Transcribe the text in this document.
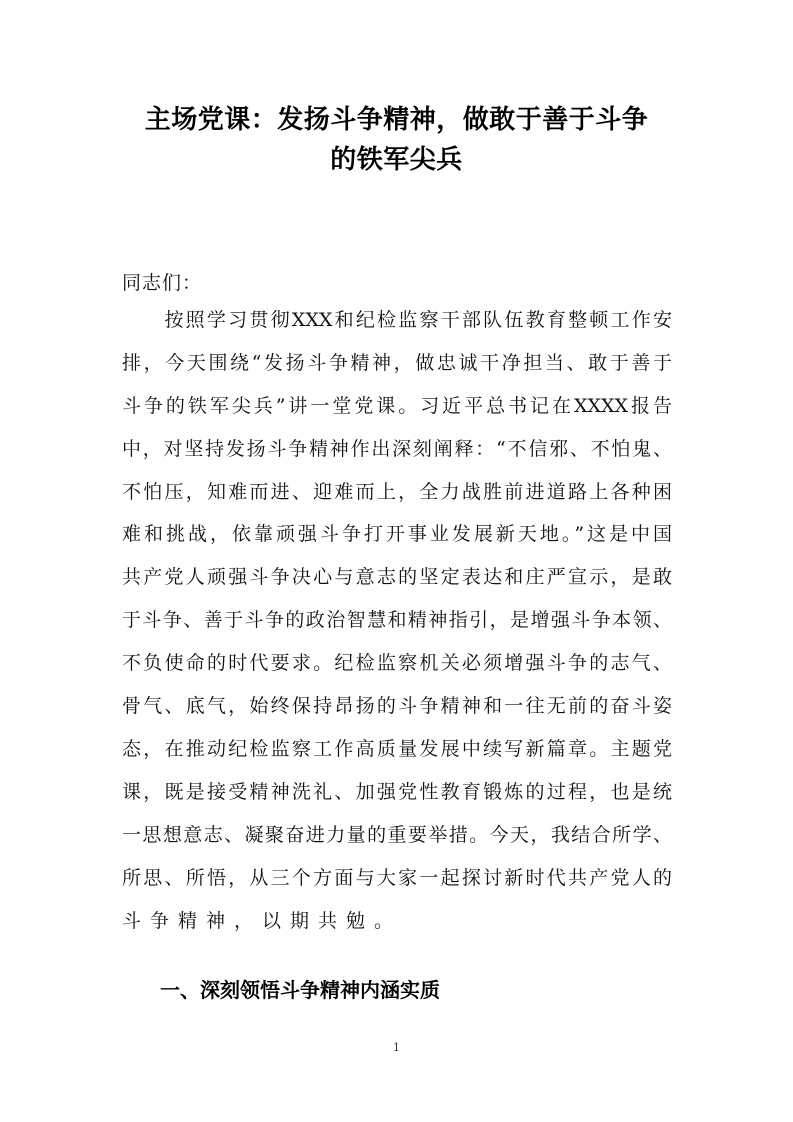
主场党课：发扬斗争精神，做敢于善于斗争
的铁军尖兵
同志们：
　　按照学习贯彻XXX和纪检监察干部队伍教育整顿工作安
排，今天围绕“发扬斗争精神，做忠诚干净担当、敢于善于
斗争的铁军尖兵”讲一堂党课。习近平总书记在XXXX报告
中，对坚持发扬斗争精神作出深刻阐释：“不信邪、不怕鬼、
不怕压，知难而进、迎难而上，全力战胜前进道路上各种困
难和挑战，依靠顽强斗争打开事业发展新天地。”这是中国
共产党人顽强斗争决心与意志的坚定表达和庄严宣示，是敢
于斗争、善于斗争的政治智慧和精神指引，是增强斗争本领、
不负使命的时代要求。纪检监察机关必须增强斗争的志气、
骨气、底气，始终保持昂扬的斗争精神和一往无前的奋斗姿
态，在推动纪检监察工作高质量发展中续写新篇章。主题党
课，既是接受精神洗礼、加强党性教育锻炼的过程，也是统
一思想意志、凝聚奋进力量的重要举措。今天，我结合所学、
所思、所悟，从三个方面与大家一起探讨新时代共产党人的
斗争精神，以期共勉。
一、深刻领悟斗争精神内涵实质
1
